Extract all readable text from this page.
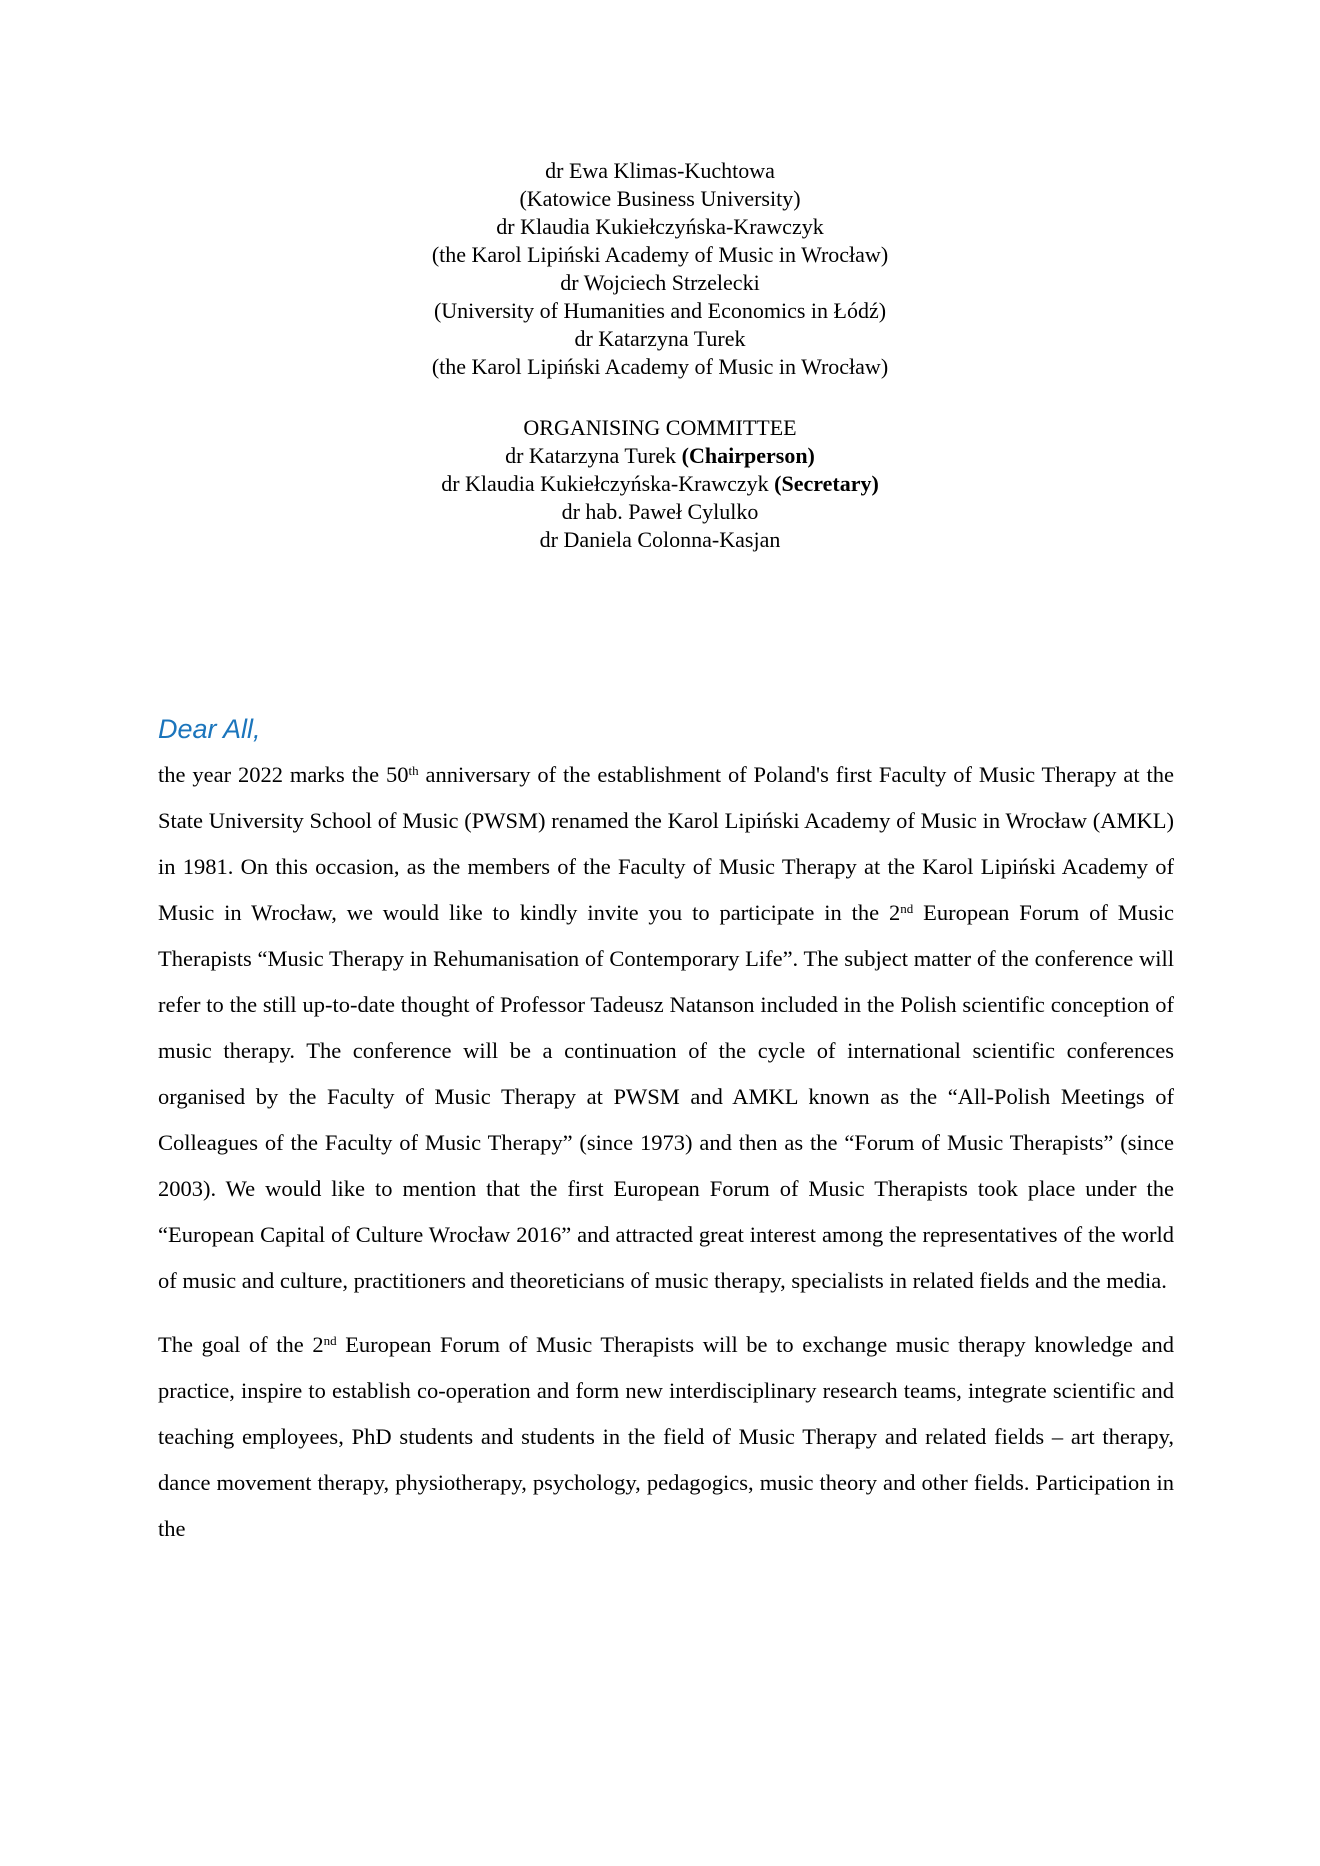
dr Ewa Klimas-Kuchtowa
(Katowice Business University)
dr Klaudia Kukiełczyńska-Krawczyk
(the Karol Lipiński Academy of Music in Wrocław)
dr Wojciech Strzelecki
(University of Humanities and Economics in Łódź)
dr Katarzyna Turek
(the Karol Lipiński Academy of Music in Wrocław)
ORGANISING COMMITTEE
dr Katarzyna Turek (Chairperson)
dr Klaudia Kukiełczyńska-Krawczyk (Secretary)
dr hab. Paweł Cylulko
dr Daniela Colonna-Kasjan
Dear All,

the year 2022 marks the 50th anniversary of the establishment of Poland's first Faculty of Music Therapy at the State University School of Music (PWSM) renamed the Karol Lipiński Academy of Music in Wrocław (AMKL) in 1981. On this occasion, as the members of the Faculty of Music Therapy at the Karol Lipiński Academy of Music in Wrocław, we would like to kindly invite you to participate in the 2nd European Forum of Music Therapists “Music Therapy in Rehumanisation of Contemporary Life”. The subject matter of the conference will refer to the still up-to-date thought of Professor Tadeusz Natanson included in the Polish scientific conception of music therapy. The conference will be a continuation of the cycle of international scientific conferences organised by the Faculty of Music Therapy at PWSM and AMKL known as the “All-Polish Meetings of Colleagues of the Faculty of Music Therapy” (since 1973) and then as the “Forum of Music Therapists” (since 2003). We would like to mention that the first European Forum of Music Therapists took place under the “European Capital of Culture Wrocław 2016” and attracted great interest among the representatives of the world of music and culture, practitioners and theoreticians of music therapy, specialists in related fields and the media.

The goal of the 2nd European Forum of Music Therapists will be to exchange music therapy knowledge and practice, inspire to establish co-operation and form new interdisciplinary research teams, integrate scientific and teaching employees, PhD students and students in the field of Music Therapy and related fields – art therapy, dance movement therapy, physiotherapy, psychology, pedagogics, music theory and other fields. Participation in the
